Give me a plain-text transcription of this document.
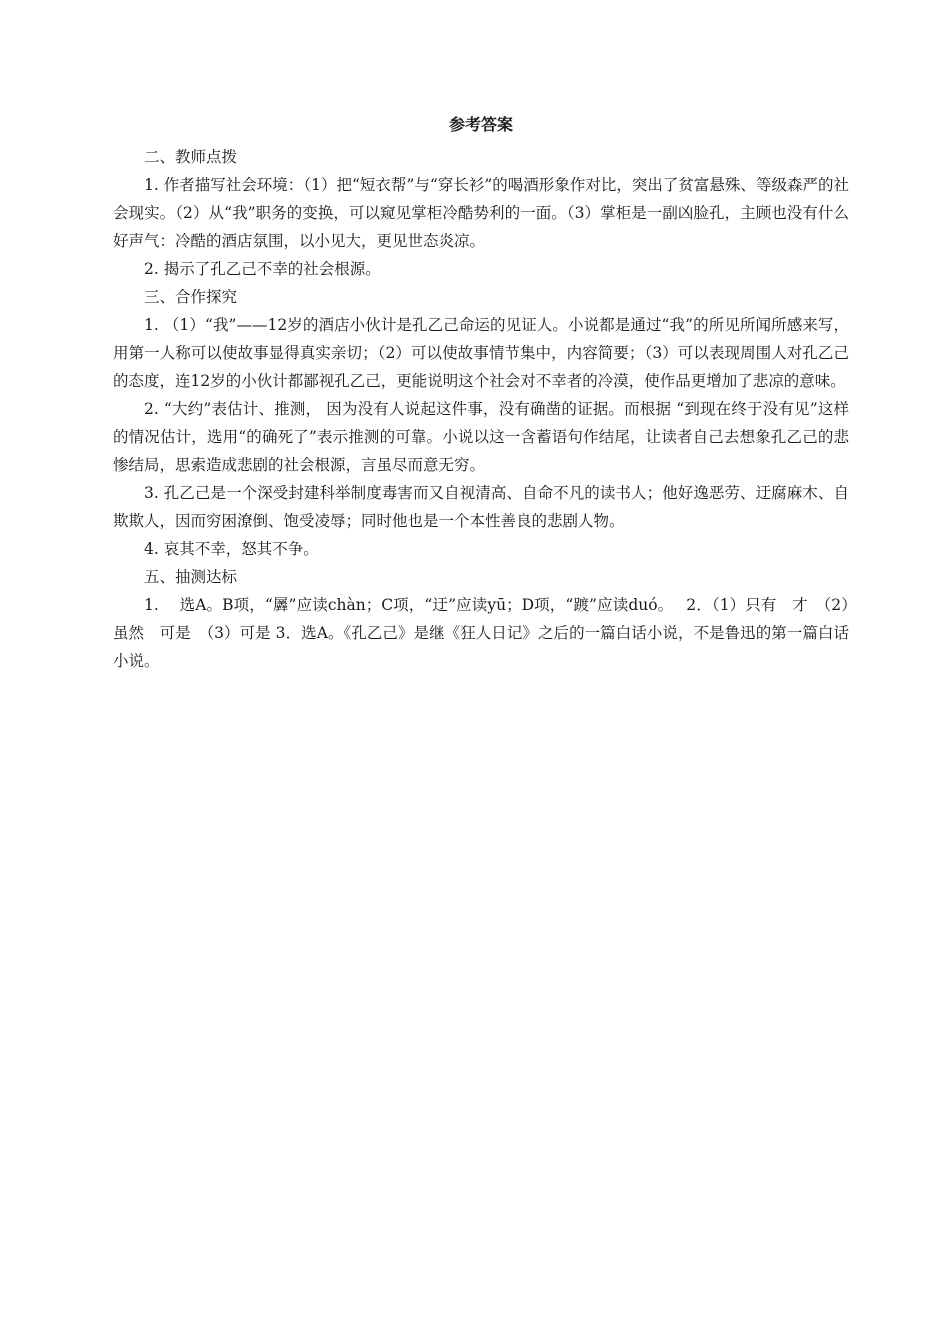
参考答案

二、教师点拨

1. 作者描写社会环境：（1）把“短衣帮”与“穿长衫”的喝酒形象作对比，突出了贫富悬殊、等级森严的社会现实。（2）从“我”职务的变换，可以窥见掌柜冷酷势利的一面。（3）掌柜是一副凶脸孔，主顾也没有什么好声气：冷酷的酒店氛围，以小见大，更见世态炎凉。

2. 揭示了孔乙己不幸的社会根源。

三、合作探究

1. （1）“我”——12岁的酒店小伙计是孔乙己命运的见证人。小说都是通过“我”的所见所闻所感来写，用第一人称可以使故事显得真实亲切；（2）可以使故事情节集中，内容简要；（3）可以表现周围人对孔乙己的态度，连12岁的小伙计都鄙视孔乙己，更能说明这个社会对不幸者的冷漠，使作品更增加了悲凉的意味。

2. “大约”表估计、推测， 因为没有人说起这件事，没有确凿的证据。而根据 “到现在终于没有见”这样的情况估计，选用“的确死了”表示推测的可靠。小说以这一含蓄语句作结尾，让读者自己去想象孔乙己的悲惨结局，思索造成悲剧的社会根源，言虽尽而意无穷。

3. 孔乙己是一个深受封建科举制度毒害而又自视清高、自命不凡的读书人；他好逸恶劳、迂腐麻木、自欺欺人，因而穷困潦倒、饱受凌辱；同时他也是一个本性善良的悲剧人物。

4. 哀其不幸，怒其不争。

五、抽测达标

1.　 选A。B项，“羼”应读chàn；C项，“迂”应读yū；D项，“踱”应读duó。　 2．（1）只有　才　（2）虽然　可是　（3）可是 3．选A。《孔乙己》是继《狂人日记》之后的一篇白话小说，不是鲁迅的第一篇白话小说。
